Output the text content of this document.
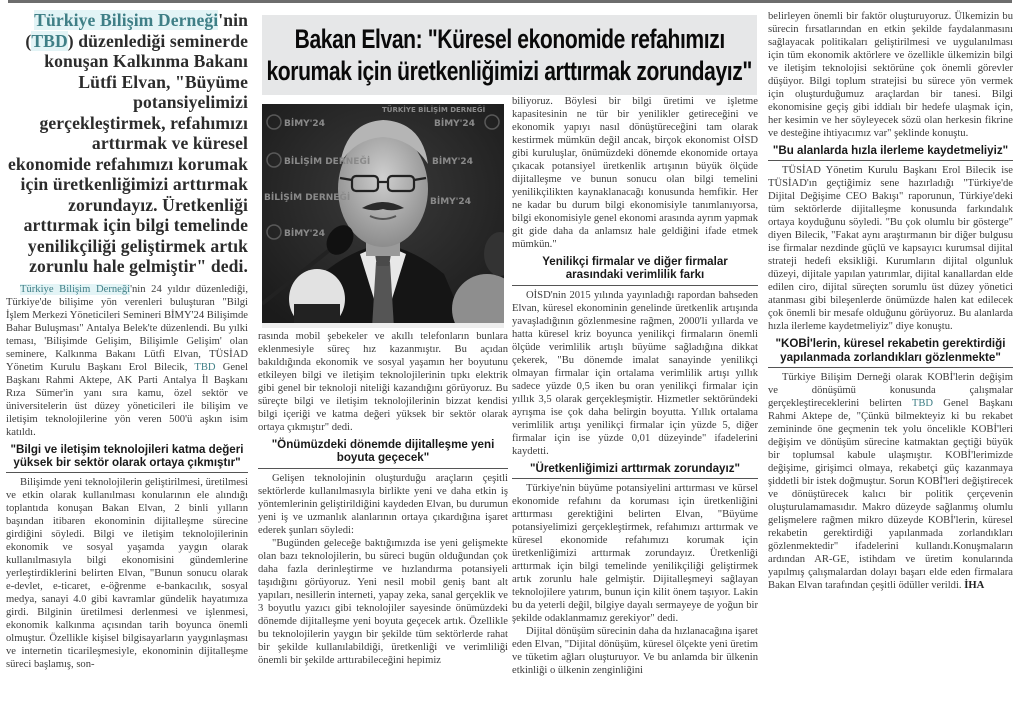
Türkiye Bilişim Derneği'nin (TBD) düzenlediği seminerde konuşan Kalkınma Bakanı Lütfi Elvan, "Büyüme potansiyelimizi gerçekleştirmek, refahımızı arttırmak ve küresel ekonomide refahımızı korumak için üretkenliğimizi arttırmak zorundayız. Üretkenliği arttırmak için bilgi temelinde yenilikçiliği geliştirmek artık zorunlu hale gelmiştir" dedi.

Türkiye Bilişim Derneği'nin 24 yıldır düzenlediği, Türkiye'de bilişime yön verenleri buluşturan "Bilgi İşlem Merkezi Yöneticileri Semineri BİMY'24 Bilişimde Bahar Buluşması" Antalya Belek'te düzenlendi. Bu yılki teması, 'Bilişimde Gelişim, Bilişimle Gelişim' olan seminere, Kalkınma Bakanı Lütfi Elvan, TÜSİAD Yönetim Kurulu Başkanı Erol Bilecik, TBD Genel Başkanı Rahmi Aktepe, AK Parti Antalya İl Başkanı Rıza Sümer'in yanı sıra kamu, özel sektör ve üniversitelerin üst düzey yöneticileri ile bilişim ve iletişim teknolojilerine yön veren 500'ü aşkın isim katıldı.

"Bilgi ve iletişim teknolojileri katma değeri yüksek bir sektör olarak ortaya çıkmıştır"

Bilişimde yeni teknolojilerin geliştirilmesi, üretilmesi ve etkin olarak kullanılması konularının ele alındığı toplantıda konuşan Bakan Elvan, 2 binli yılların başından itibaren ekonominin dijitalleşme sürecine girdiğini söyledi. Bilgi ve iletişim teknolojilerinin ekonomik ve sosyal yaşamda yaygın olarak kullanılmasıyla bilgi ekonomisini gündemlerine yerleştirdiklerini belirten Elvan, "Bunun sonucu olarak e-devlet, e-ticaret, e-öğrenme e-bankacılık, sosyal medya, sanayi 4.0 gibi kavramlar gündelik hayatımıza girdi. Bilginin üretilmesi derlenmesi ve işlenmesi, ekonomik kalkınma açısından tarih boyunca önemli olmuştur. Özellikle kişisel bilgisayarların yaygınlaşması ve internetin ticarileşmesiyle, ekonominin dijitalleşme süreci başlamış, son-

Bakan Elvan: "Küresel ekonomide refahımızı
korumak için üretkenliğimizi arttırmak zorundayız"
BİMY'24	BİMY'24
BİLİŞİM DERNEĞİ
BİLİŞİM DERNEĞİ
BİMY'24
BİMY'24
BİMY'24
TÜRKİYE BİLİŞİM DERNEĞİ

rasında mobil şebekeler ve akıllı telefonların bunlara eklenmesiyle süreç hız kazanmıştır. Bu açıdan bakıldığında ekonomik ve sosyal yaşamın her boyutunu etkileyen bilgi ve iletişim teknolojilerinin tıpkı elektrik gibi genel bir teknoloji niteliği kazandığını görüyoruz. Bu süreçte bilgi ve iletişim teknolojilerinin bizzat kendisi bilgi içeriği ve katma değeri yüksek bir sektör olarak ortaya çıkmıştır" dedi.

"Önümüzdeki dönemde dijitalleşme yeni boyuta geçecek"

Gelişen teknolojinin oluşturduğu araçların çeşitli sektörlerde kullanılmasıyla birlikte yeni ve daha etkin iş yöntemlerinin geliştirildiğini kaydeden Elvan, bu durumun yeni iş ve uzmanlık alanlarının ortaya çıkardığına işaret ederek şunları söyledi:

"Bugünden geleceğe baktığımızda ise yeni gelişmekte olan bazı teknolojilerin, bu süreci bugün olduğundan çok daha fazla derinleştirme ve hızlandırma potansiyeli taşıdığını görüyoruz. Yeni nesil mobil geniş bant alt yapıları, nesillerin interneti, yapay zeka, sanal gerçeklik ve 3 boyutlu yazıcı gibi teknolojiler sayesinde önümüzdeki dönemde dijitalleşme yeni boyuta geçecek artık. Özellikle bu teknolojilerin yaygın bir şekilde tüm sektörlerde rahat bir şekilde kullanılabildiği, üretkenliği ve verimliliği önemli bir şekilde arttırabileceğini hepimiz

biliyoruz. Böylesi bir bilgi üretimi ve işletme kapasitesinin ne tür bir yenilikler getireceğini ve ekonomik yapıyı nasıl dönüştüreceğini tam olarak kestirmek mümkün değil ancak, birçok ekonomist OİSD gibi kuruluşlar, önümüzdeki dönemde ekonomide ortaya çıkacak potansiyel üretkenlik artışının büyük ölçüde dijitalleşme ve bunun sonucu olan bilgi temelini yenilikçilikten kaynaklanacağı konusunda hemfikir. Her ne kadar bu durum bilgi ekonomisiyle tanımlanıyorsa, bilgi ekonomisiyle genel ekonomi arasında ayrım yapmak git gide daha da anlamsız hale geldiğini ifade etmek mümkün."

Yenilikçi firmalar ve diğer firmalar arasındaki verimlilik farkı

OİSD'nin 2015 yılında yayınladığı rapordan bahseden Elvan, küresel ekonominin genelinde üretkenlik artışında yavaşladığının gözlenmesine rağmen, 2000'li yıllarda ve hatta küresel kriz boyunca yenilikçi firmaların önemli ölçüde verimlilik artışlı büyüme sağladığına dikkat çekerek, "Bu dönemde imalat sanayinde yenilikçi olmayan firmalar için ortalama verimlilik artışı yıllık sadece yüzde 0,5 iken bu oran yenilikçi firmalar için yıllık 3,5 olarak gerçekleşmiştir. Hizmetler sektöründeki ayrışma ise çok daha belirgin boyutta. Yıllık ortalama verimlilik artışı yenilikçi firmalar için yüzde 5, diğer firmalar için ise yüzde 0,01 düzeyinde" ifadelerini kaydetti.

"Üretkenliğimizi arttırmak zorundayız"

Türkiye'nin büyüme potansiyelini arttırması ve kürsel ekonomide refahını da koruması için üretkenliğini arttırması gerektiğini belirten Elvan, "Büyüme potansiyelimizi gerçekleştirmek, refahımızı arttırmak ve küresel ekonomide refahımızı korumak için üretkenliğimizi arttırmak zorundayız. Üretkenliği arttırmak için bilgi temelinde yenilikçiliği geliştirmek artık zorunlu hale gelmiştir. Dijitalleşmeyi sağlayan teknolojilere yatırım, bunun için kilit önem taşıyor. Lakin bu da yeterli değil, bilgiye dayalı sermayeye de yoğun bir şekilde odaklanmamız gerekiyor" dedi.

Dijital dönüşüm sürecinin daha da hızlanacağına işaret eden Elvan, "Dijital dönüşüm, küresel ölçekte yeni üretim ve tüketim ağları oluşturuyor. Ve bu anlamda bir ülkenin etkinliği o ülkenin zenginliğini

belirleyen önemli bir faktör oluşturuyoruz. Ülkemizin bu sürecin fırsatlarından en etkin şekilde faydalanmasını sağlayacak politikaları geliştirilmesi ve uygulanılması için tüm ekonomik aktörlere ve özellikle ülkemizin bilgi ve iletişim teknolojisi sektörüne çok önemli görevler düşüyor. Bilgi toplum stratejisi bu sürece yön vermek için oluşturduğumuz araçlardan bir tanesi. Bilgi ekonomisine geçiş gibi iddialı bir hedefe ulaşmak için, her kesimin ve her söyleyecek sözü olan herkesin fikrine ve desteğine ihtiyacımız var" şeklinde konuştu.

"Bu alanlarda hızla ilerleme kaydetmeliyiz"

TÜSİAD Yönetim Kurulu Başkanı Erol Bilecik ise TÜSİAD'ın geçtiğimiz sene hazırladığı "Türkiye'de Dijital Değişime CEO Bakışı" raporunun, Türkiye'deki tüm sektörlerde dijitalleşme konusunda farkındalık ortaya koyduğunu söyledi. "Bu çok olumlu bir gösterge" diyen Bilecik, "Fakat aynı araştırmanın bir diğer bulgusu ise firmalar nezdinde güçlü ve kapsayıcı kurumsal dijital strateji hedefi eksikliği. Kurumların dijital olgunluk düzeyi, dijitale yapılan yatırımlar, dijital kanallardan elde edilen ciro, dijital süreçten sorumlu üst düzey yönetici atanması gibi bileşenlerde önümüzde halen kat edilecek çok önemli bir mesafe olduğunu görüyoruz. Bu alanlarda hızla ilerleme kaydetmeliyiz" diye konuştu.

"KOBİ'lerin, küresel rekabetin gerektirdiği yapılanmada zorlandıkları gözlenmekte"

Türkiye Bilişim Derneği olarak KOBİ'lerin değişim ve dönüşümü konusunda çalışmalar gerçekleştireceklerini belirten TBD Genel Başkanı Rahmi Aktepe de, "Çünkü bilmekteyiz ki bu rekabet zemininde öne geçmenin tek yolu öncelikle KOBİ'leri değişim ve dönüşüm sürecine katmaktan geçtiği büyük bir toplumsal kabule ulaşmıştır. KOBİ'lerimizde değişime, girişimci olmaya, rekabetçi güç kazanmaya şiddetli bir istek doğmuştur. Sorun KOBİ'leri değiştirecek ve dönüştürecek kalıcı bir politik çerçevenin oluşturulamamasıdır. Makro düzeyde sağlanmış olumlu gelişmelere rağmen mikro düzeyde KOBİ'lerin, küresel rekabetin gerektirdiği yapılanmada zorlandıkları gözlenmektedir" ifadelerini kullandı.Konuşmaların ardından AR-GE, istihdam ve üretim konularında yapılmış çalışmalardan dolayı başarı elde eden firmalara Bakan Elvan tarafından çeşitli ödüller verildi. İHA
